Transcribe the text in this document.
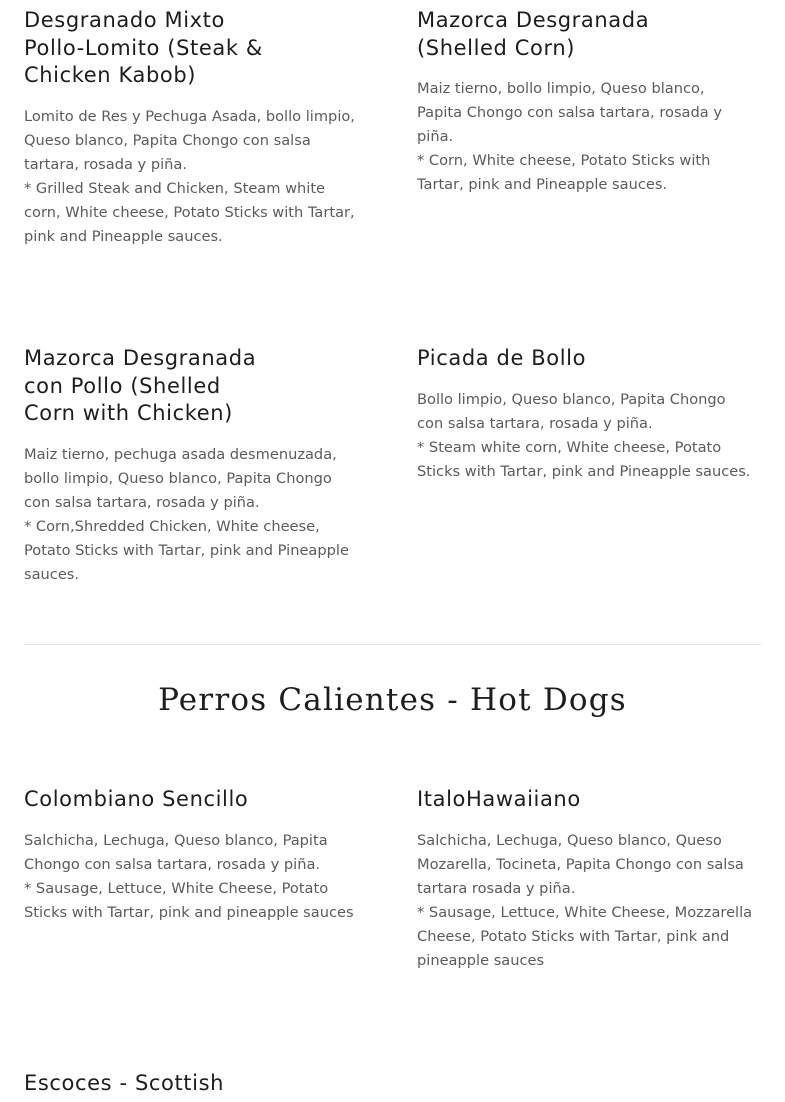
Desgranado Mixto
Pollo-Lomito (Steak &
Chicken Kabob)
Lomito de Res y Pechuga Asada, bollo limpio,
Queso blanco, Papita Chongo con salsa
tartara, rosada y piña.
* Grilled Steak and Chicken, Steam white
corn, White cheese, Potato Sticks with Tartar,
pink and Pineapple sauces.
Mazorca Desgranada
(Shelled Corn)
Maiz tierno, bollo limpio, Queso blanco,
Papita Chongo con salsa tartara, rosada y
piña.
* Corn, White cheese, Potato Sticks with
Tartar, pink and Pineapple sauces.
Mazorca Desgranada
con Pollo (Shelled
Corn with Chicken)
Maiz tierno, pechuga asada desmenuzada,
bollo limpio, Queso blanco, Papita Chongo
con salsa tartara, rosada y piña.
* Corn,Shredded Chicken, White cheese,
Potato Sticks with Tartar, pink and Pineapple
sauces.
Picada de Bollo
Bollo limpio, Queso blanco, Papita Chongo
con salsa tartara, rosada y piña.
* Steam white corn, White cheese, Potato
Sticks with Tartar, pink and Pineapple sauces.
Perros Calientes - Hot Dogs
Colombiano Sencillo
Salchicha, Lechuga, Queso blanco, Papita
Chongo con salsa tartara, rosada y piña.
* Sausage, Lettuce, White Cheese, Potato
Sticks with Tartar, pink and pineapple sauces
ItaloHawaiiano
Salchicha, Lechuga, Queso blanco, Queso
Mozarella, Tocineta, Papita Chongo con salsa
tartara rosada y piña.
* Sausage, Lettuce, White Cheese, Mozzarella
Cheese, Potato Sticks with Tartar, pink and
pineapple sauces
Escoces - Scottish
